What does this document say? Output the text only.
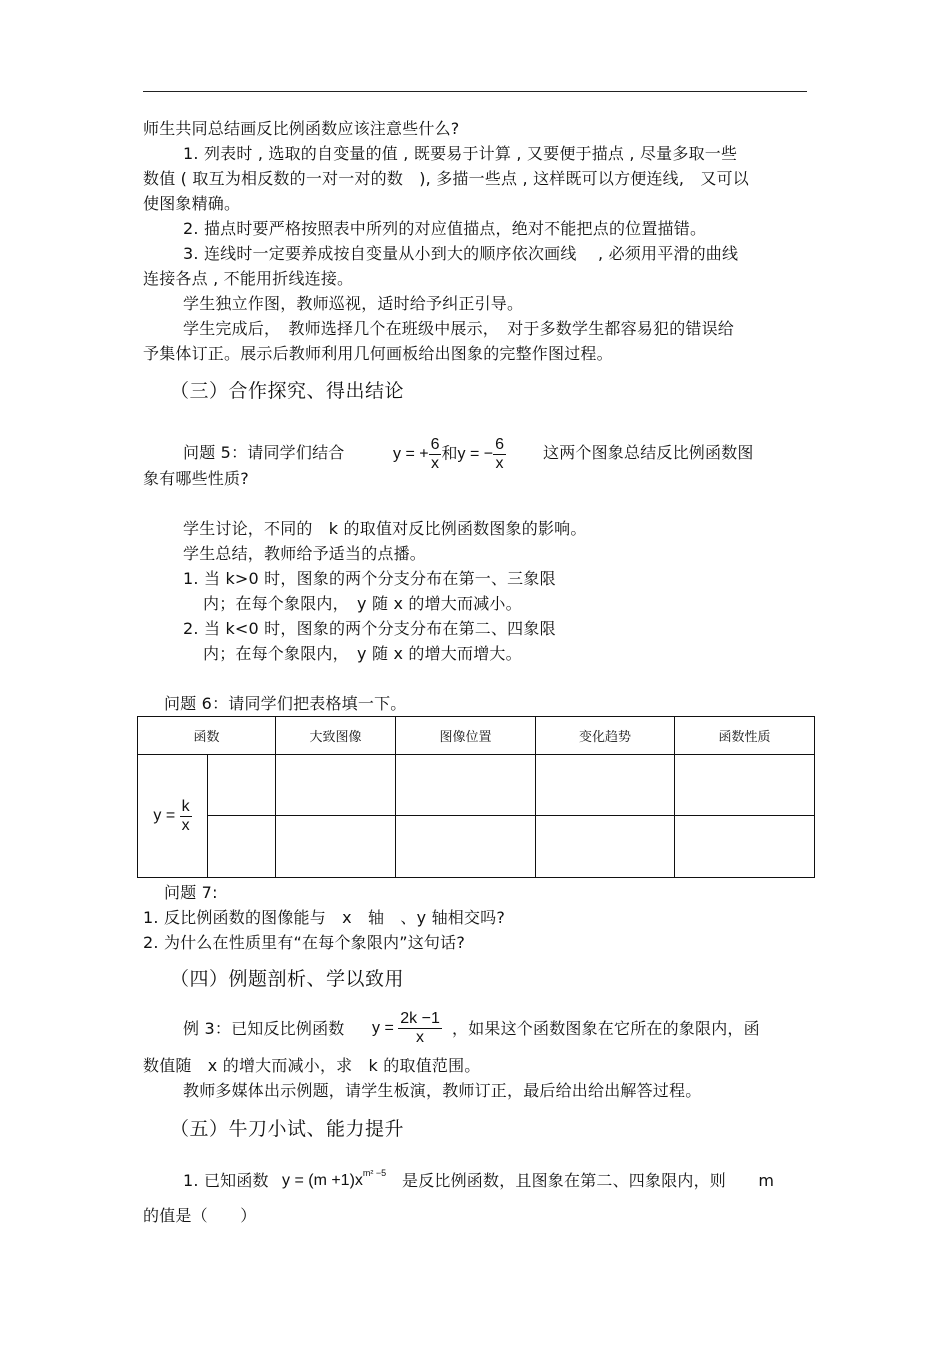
师生共同总结画反比例函数应该注意些什么?
1. 列表时 , 选取的自变量的值 , 既要易于计算 , 又要便于描点 , 尽量多取一些
数值 ( 取互为相反数的一对一对的数　), 多描一些点 , 这样既可以方便连线,　又可以
使图象精确。
2. 描点时要严格按照表中所列的对应值描点，绝对不能把点的位置描错。
3. 连线时一定要养成按自变量从小到大的顺序依次画线　 , 必须用平滑的曲线
连接各点 , 不能用折线连接。
学生独立作图，教师巡视，适时给予纠正引导。
学生完成后，　教师选择几个在班级中展示，　对于多数学生都容易犯的错误给
予集体订正。展示后教师利用几何画板给出图象的完整作图过程。
（三）合作探究、得出结论
问题 5：请同学们结合	y = + $\frac{6}{x}$ 和y = − $\frac{6}{x}$ 这两个图象总结反比例函数图
象有哪些性质?
学生讨论，不同的　k 的取值对反比例函数图象的影响。
学生总结，教师给予适当的点播。
1. 当 k>0 时，图象的两个分支分布在第一、三象限
内；在每个象限内，　y 随 x 的增大而减小。
2. 当 k<0 时，图象的两个分支分布在第二、四象限
内；在每个象限内，　y 随 x 的增大而增大。
问题 6：请同学们把表格填一下。
函数		大致图像	图像位置	变化趋势	函数性质
$y = \frac{k}{x}$

问题 7:
1. 反比例函数的图像能与　x　轴　、y 轴相交吗?
2. 为什么在性质里有“在每个象限内”这句话?
（四）例题剖析、学以致用
例 3：已知反比例函数 $y = \frac{2k -1}{x}$ ，如果这个函数图象在它所在的象限内，函
数值随　x 的增大而减小，求　k 的取值范围。
教师多媒体出示例题，请学生板演，教师订正，最后给出给出解答过程。
（五）牛刀小试、能力提升
1. 已知函数 $y = (m +1)x^{m^2 -5}$ 是反比例函数，且图象在第二、四象限内，则　　m
的值是（　　）
